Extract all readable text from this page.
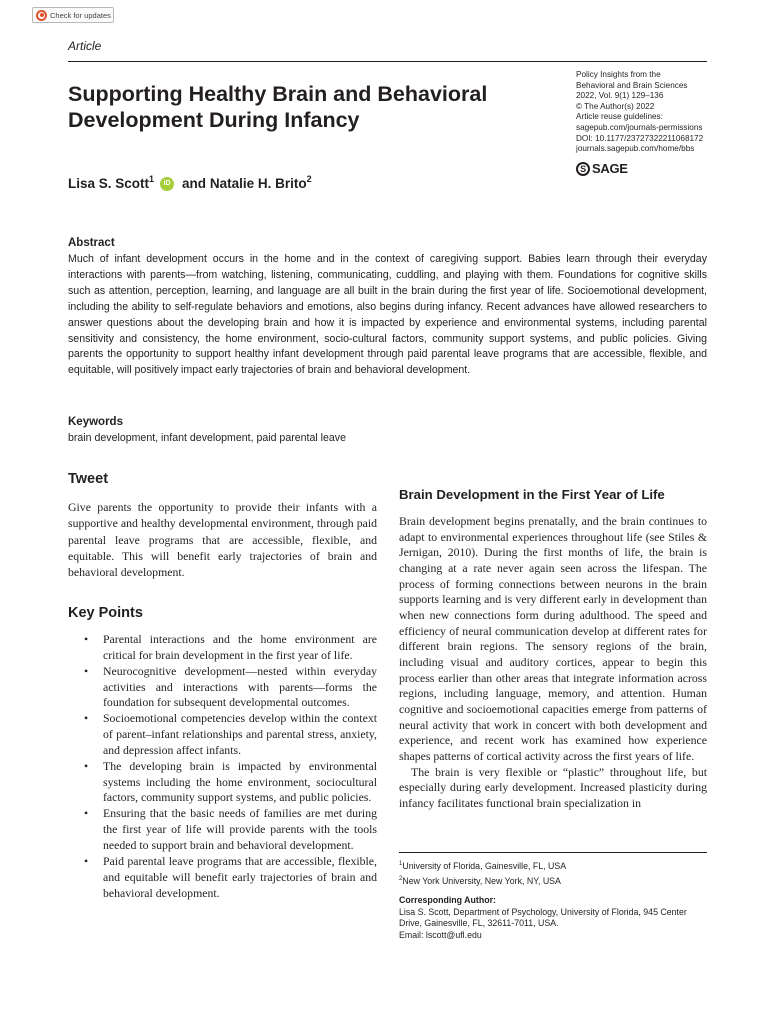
Check for updates
Article
Supporting Healthy Brain and Behavioral Development During Infancy
Policy Insights from the
Behavioral and Brain Sciences
2022, Vol. 9(1) 129–136
© The Author(s) 2022
Article reuse guidelines:
sagepub.com/journals-permissions
DOI: 10.1177/23727322211068172
journals.sagepub.com/home/bbs
S SAGE
Lisa S. Scott$^1$	iD and
Natalie H. Brito$^2$
Abstract
Much of infant development occurs in the home and in the context of caregiving support. Babies learn through their everyday interactions with parents—from watching, listening, communicating, cuddling, and playing with them. Foundations for cognitive skills such as attention, perception, learning, and language are all built in the brain during the first year of life. Socioemotional development, including the ability to self-regulate behaviors and emotions, also begins during infancy. Recent advances have allowed researchers to answer questions about the developing brain and how it is impacted by experience and environmental systems, including parental sensitivity and consistency, the home environment, socio-cultural factors, community support systems, and public policies. Giving parents the opportunity to support healthy infant development through paid parental leave programs that are accessible, flexible, and equitable, will positively impact early trajectories of brain and behavioral development.
Keywords
brain development, infant development, paid parental leave
Tweet

Give parents the opportunity to provide their infants with a supportive and healthy developmental environment, through paid parental leave programs that are accessible, flexible, and equitable. This will benefit early trajectories of brain and behavioral development.

Key Points
• Parental interactions and the home environment are critical for brain development in the first year of life.
• Neurocognitive development—nested within everyday activities and interactions with parents—forms the foundation for subsequent developmental outcomes.
• Socioemotional competencies develop within the context of parent–infant relationships and parental stress, anxiety, and depression affect infants.
• The developing brain is impacted by environmental systems including the home environment, sociocultural factors, community support systems, and public policies.
• Ensuring that the basic needs of families are met during the first year of life will provide parents with the tools needed to support brain and behavioral development.
• Paid parental leave programs that are accessible, flexible, and equitable will benefit early trajectories of brain and behavioral development.
Brain Development in the First Year of Life

Brain development begins prenatally, and the brain continues to adapt to environmental experiences throughout life (see Stiles & Jernigan, 2010). During the first months of life, the brain is changing at a rate never again seen across the lifespan. The process of forming connections between neurons in the brain supports learning and is very different early in development than when new connections form during adulthood. The speed and efficiency of neural communication develop at different rates for different brain regions. The sensory regions of the brain, including visual and auditory cortices, appear to begin this process earlier than other areas that integrate information across regions, including language, memory, and attention. Human cognitive and socioemotional capacities emerge from patterns of neural activity that work in concert with both development and experience, and recent work has examined how experience shapes patterns of cortical activity across the first years of life.

The brain is very flexible or “plastic” throughout life, but especially during early development. Increased plasticity during infancy facilitates functional brain specialization in

$^1$University of Florida, Gainesville, FL, USA
$^2$New York University, New York, NY, USA
Corresponding Author:
Lisa S. Scott, Department of Psychology, University of Florida, 945 Center Drive, Gainesville, FL, 32611-7011, USA.
Email: lscott@ufl.edu
